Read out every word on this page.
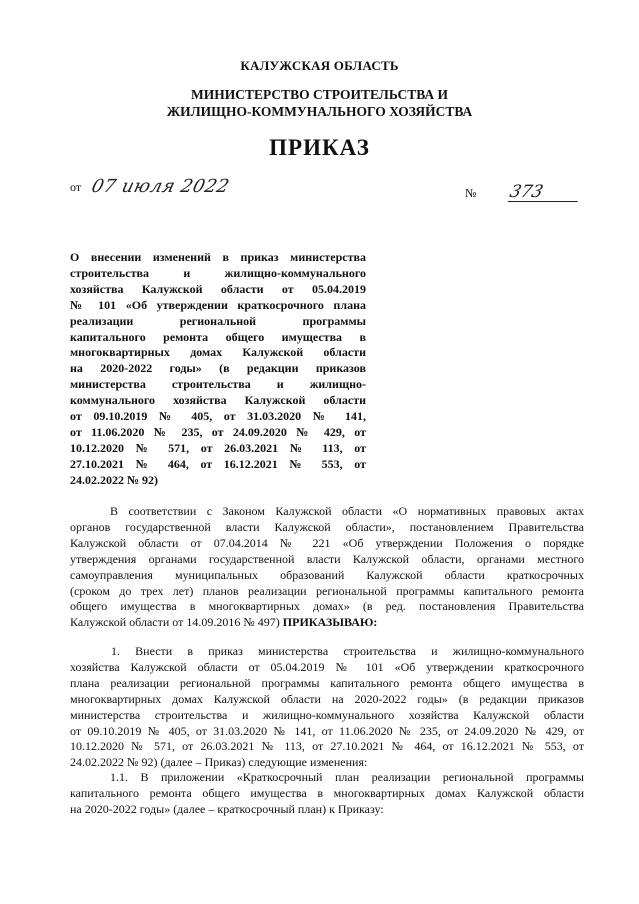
КАЛУЖСКАЯ ОБЛАСТЬ
МИНИСТЕРСТВО СТРОИТЕЛЬСТВА И
ЖИЛИЩНО-КОММУНАЛЬНОГО ХОЗЯЙСТВА
ПРИКАЗ
от 07 июля 2022	№ 373
О внесении изменений в приказ министерства
строительства и жилищно-коммунального
хозяйства Калужской области от 05.04.2019
№ 101 «Об утверждении краткосрочного плана
реализации региональной программы
капитального ремонта общего имущества в
многоквартирных домах Калужской области
на 2020-2022 годы» (в редакции приказов
министерства строительства и жилищно-
коммунального хозяйства Калужской области
от 09.10.2019 № 405, от 31.03.2020 № 141,
от 11.06.2020 № 235, от 24.09.2020 № 429, от
10.12.2020 № 571, от 26.03.2021 № 113, от
27.10.2021 № 464, от 16.12.2021 № 553, от
24.02.2022 № 92)
В соответствии с Законом Калужской области «О нормативных правовых актах
органов государственной власти Калужской области», постановлением Правительства
Калужской области от 07.04.2014 № 221 «Об утверждении Положения о порядке
утверждения органами государственной власти Калужской области, органами местного
самоуправления муниципальных образований Калужской области краткосрочных
(сроком до трех лет) планов реализации региональной программы капитального ремонта
общего имущества в многоквартирных домах» (в ред. постановления Правительства
Калужской области от 14.09.2016 № 497) ПРИКАЗЫВАЮ:
1. Внести в приказ министерства строительства и жилищно-коммунального
хозяйства Калужской области от 05.04.2019 № 101 «Об утверждении краткосрочного
плана реализации региональной программы капитального ремонта общего имущества в
многоквартирных домах Калужской области на 2020-2022 годы» (в редакции приказов
министерства строительства и жилищно-коммунального хозяйства Калужской области
от 09.10.2019 № 405, от 31.03.2020 № 141, от 11.06.2020 № 235, от 24.09.2020 № 429, от
10.12.2020 № 571, от 26.03.2021 № 113, от 27.10.2021 № 464, от 16.12.2021 № 553, от
24.02.2022 № 92) (далее – Приказ) следующие изменения:
1.1. В приложении «Краткосрочный план реализации региональной программы
капитального ремонта общего имущества в многоквартирных домах Калужской области
на 2020-2022 годы» (далее – краткосрочный план) к Приказу:
